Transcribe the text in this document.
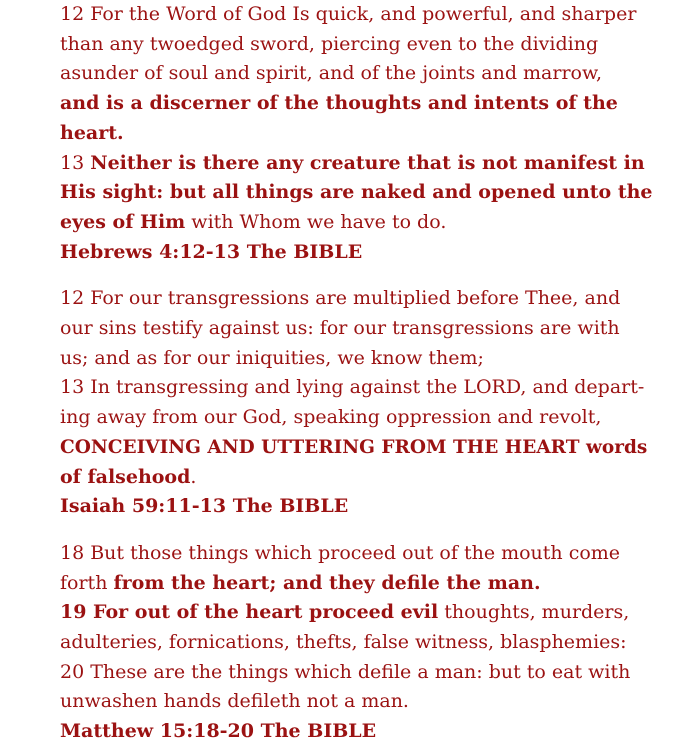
12 For the Word of God Is quick, and powerful, and sharper
than any twoedged sword, piercing even to the dividing
asunder of soul and spirit, and of the joints and marrow,
and is a discerner of the thoughts and intents of the
heart.
13 Neither is there any creature that is not manifest in
His sight: but all things are naked and opened unto the
eyes of Him with Whom we have to do.
Hebrews 4:12-13 The BIBLE
12 For our transgressions are multiplied before Thee, and
our sins testify against us: for our transgressions are with
us; and as for our iniquities, we know them;
13 In transgressing and lying against the LORD, and depart-
ing away from our God, speaking oppression and revolt,
CONCEIVING AND UTTERING FROM THE HEART words
of falsehood.
Isaiah 59:11-13 The BIBLE
18 But those things which proceed out of the mouth come
forth from the heart; and they defile the man.
19 For out of the heart proceed evil thoughts, murders,
adulteries, fornications, thefts, false witness, blasphemies:
20 These are the things which defile a man: but to eat with
unwashen hands defileth not a man.
Matthew 15:18-20 The BIBLE
